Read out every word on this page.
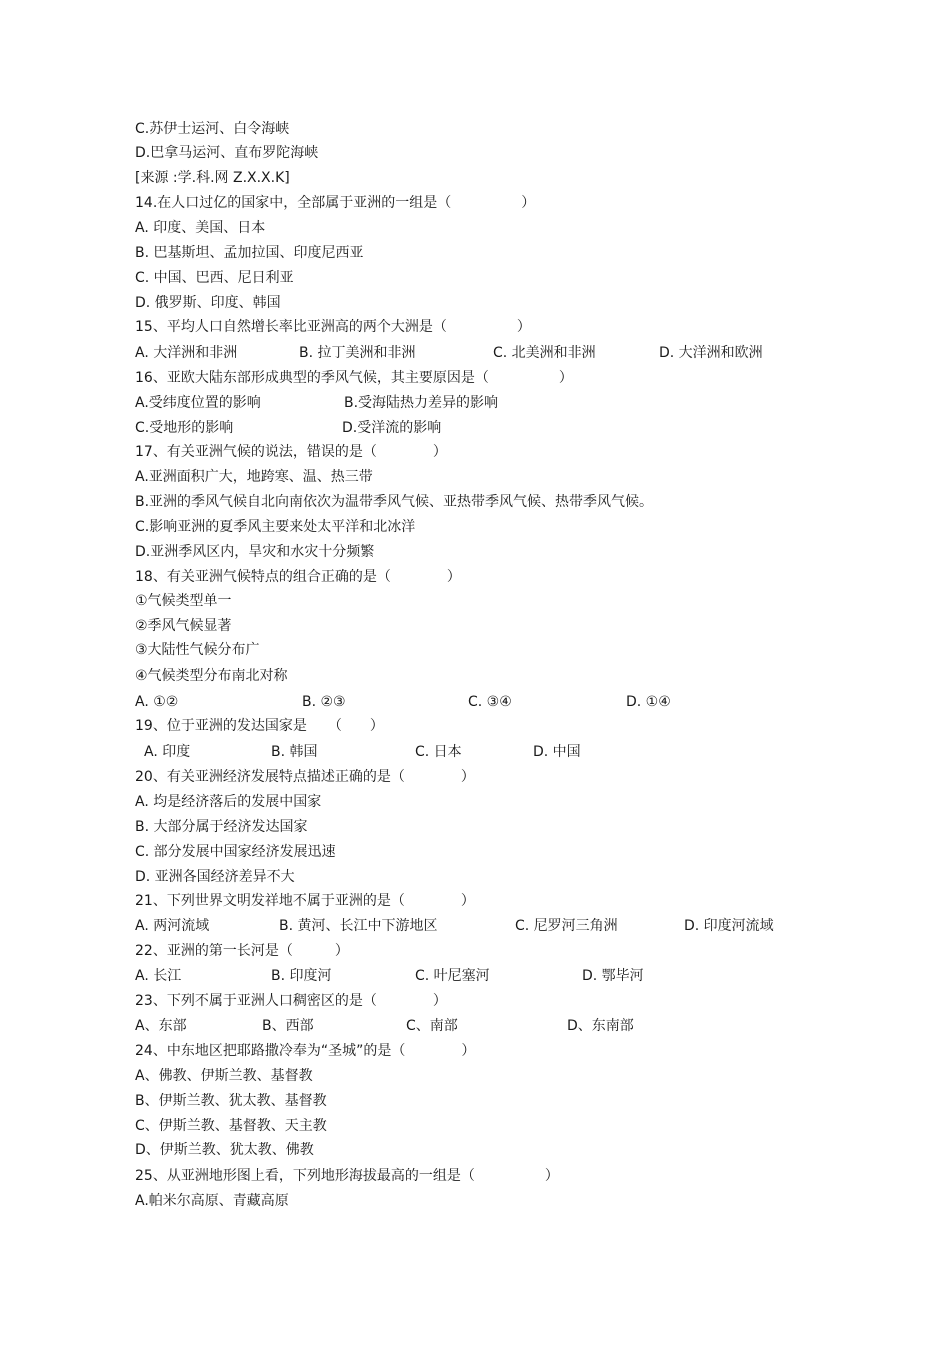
C.苏伊士运河、白令海峡
D.巴拿马运河、直布罗陀海峡
[来源 :学.科.网 Z.X.X.K]
14.在人口过亿的国家中，全部属于亚洲的一组是（　　　　　）
A. 印度、美国、日本
B. 巴基斯坦、孟加拉国、印度尼西亚
C. 中国、巴西、尼日利亚
D. 俄罗斯、印度、韩国
15、平均人口自然增长率比亚洲高的两个大洲是（　　　　　）
A. 大洋洲和非洲	B. 拉丁美洲和非洲	C. 北美洲和非洲	D. 大洋洲和欧洲
16、亚欧大陆东部形成典型的季风气候，其主要原因是（　　　　　）
A.受纬度位置的影响	B.受海陆热力差异的影响
C.受地形的影响	D.受洋流的影响
17、有关亚洲气候的说法，错误的是（　　　　）
A.亚洲面积广大，地跨寒、温、热三带
B.亚洲的季风气候自北向南依次为温带季风气候、亚热带季风气候、热带季风气候。
C.影响亚洲的夏季风主要来处太平洋和北冰洋
D.亚洲季风区内，旱灾和水灾十分频繁
18、有关亚洲气候特点的组合正确的是（　　　　）
①气候类型单一
②季风气候显著
③大陆性气候分布广
④气候类型分布南北对称
A. ①②	B. ②③	C. ③④	D. ①④
19、位于亚洲的发达国家是　　（　　）
A. 印度	B. 韩国	C. 日本	D. 中国
20、有关亚洲经济发展特点描述正确的是（　　　　）
A. 均是经济落后的发展中国家
B. 大部分属于经济发达国家
C. 部分发展中国家经济发展迅速
D. 亚洲各国经济差异不大
21、下列世界文明发祥地不属于亚洲的是（　　　　）
A. 两河流域	B. 黄河、长江中下游地区	C. 尼罗河三角洲	D. 印度河流域
22、亚洲的第一长河是（　　　）
A. 长江	B. 印度河	C. 叶尼塞河	D. 鄂毕河
23、下列不属于亚洲人口稠密区的是（　　　　）
A、东部	B、西部	C、南部	D、东南部
24、中东地区把耶路撒冷奉为“圣城”的是（　　　　）
A、佛教、伊斯兰教、基督教
B、伊斯兰教、犹太教、基督教
C、伊斯兰教、基督教、天主教
D、伊斯兰教、犹太教、佛教
25、从亚洲地形图上看，下列地形海拔最高的一组是（　　　　　）
A.帕米尔高原、青藏高原
